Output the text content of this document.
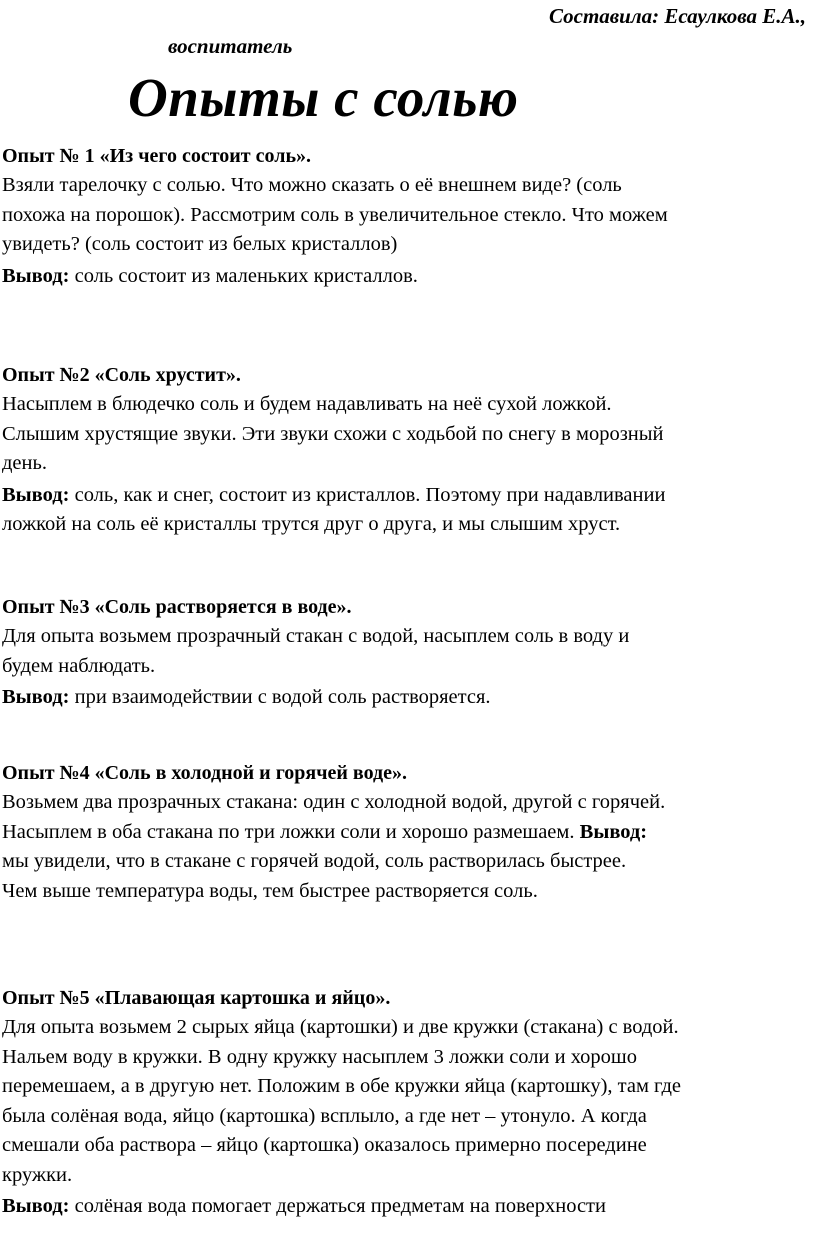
Составила: Есаулкова Е.А.,
воспитатель
Опыты с солью
Опыт № 1 «Из чего состоит соль».

Взяли тарелочку с солью. Что можно сказать о её внешнем виде? (соль
похожа на порошок). Рассмотрим соль в увеличительное стекло. Что можем
увидеть? (соль состоит из белых кристаллов)

Вывод: соль состоит из маленьких кристаллов.

Опыт №2 «Соль хрустит».

Насыплем в блюдечко соль и будем надавливать на неё сухой ложкой.
Слышим хрустящие звуки. Эти звуки схожи с ходьбой по снегу в морозный
день.

Вывод: соль, как и снег, состоит из кристаллов. Поэтому при надавливании
ложкой на соль её кристаллы трутся друг о друга, и мы слышим хруст.

Опыт №3 «Соль растворяется в воде».

Для опыта возьмем прозрачный стакан с водой, насыплем соль в воду и
будем наблюдать.

Вывод: при взаимодействии с водой соль растворяется.

Опыт №4 «Соль в холодной и горячей воде».

Возьмем два прозрачных стакана: один с холодной водой, другой с горячей.
Насыплем в оба стакана по три ложки соли и хорошо размешаем. Вывод:
мы увидели, что в стакане с горячей водой, соль растворилась быстрее.
Чем выше температура воды, тем быстрее растворяется соль.

Опыт №5 «Плавающая картошка и яйцо».

Для опыта возьмем 2 сырых яйца (картошки) и две кружки (стакана) с водой.
Нальем воду в кружки. В одну кружку насыплем 3 ложки соли и хорошо
перемешаем, а в другую нет. Положим в обе кружки яйца (картошку), там где
была солёная вода, яйцо (картошка) всплыло, а где нет – утонуло. А когда
смешали оба раствора – яйцо (картошка) оказалось примерно посередине
кружки.

Вывод: солёная вода помогает держаться предметам на поверхности
